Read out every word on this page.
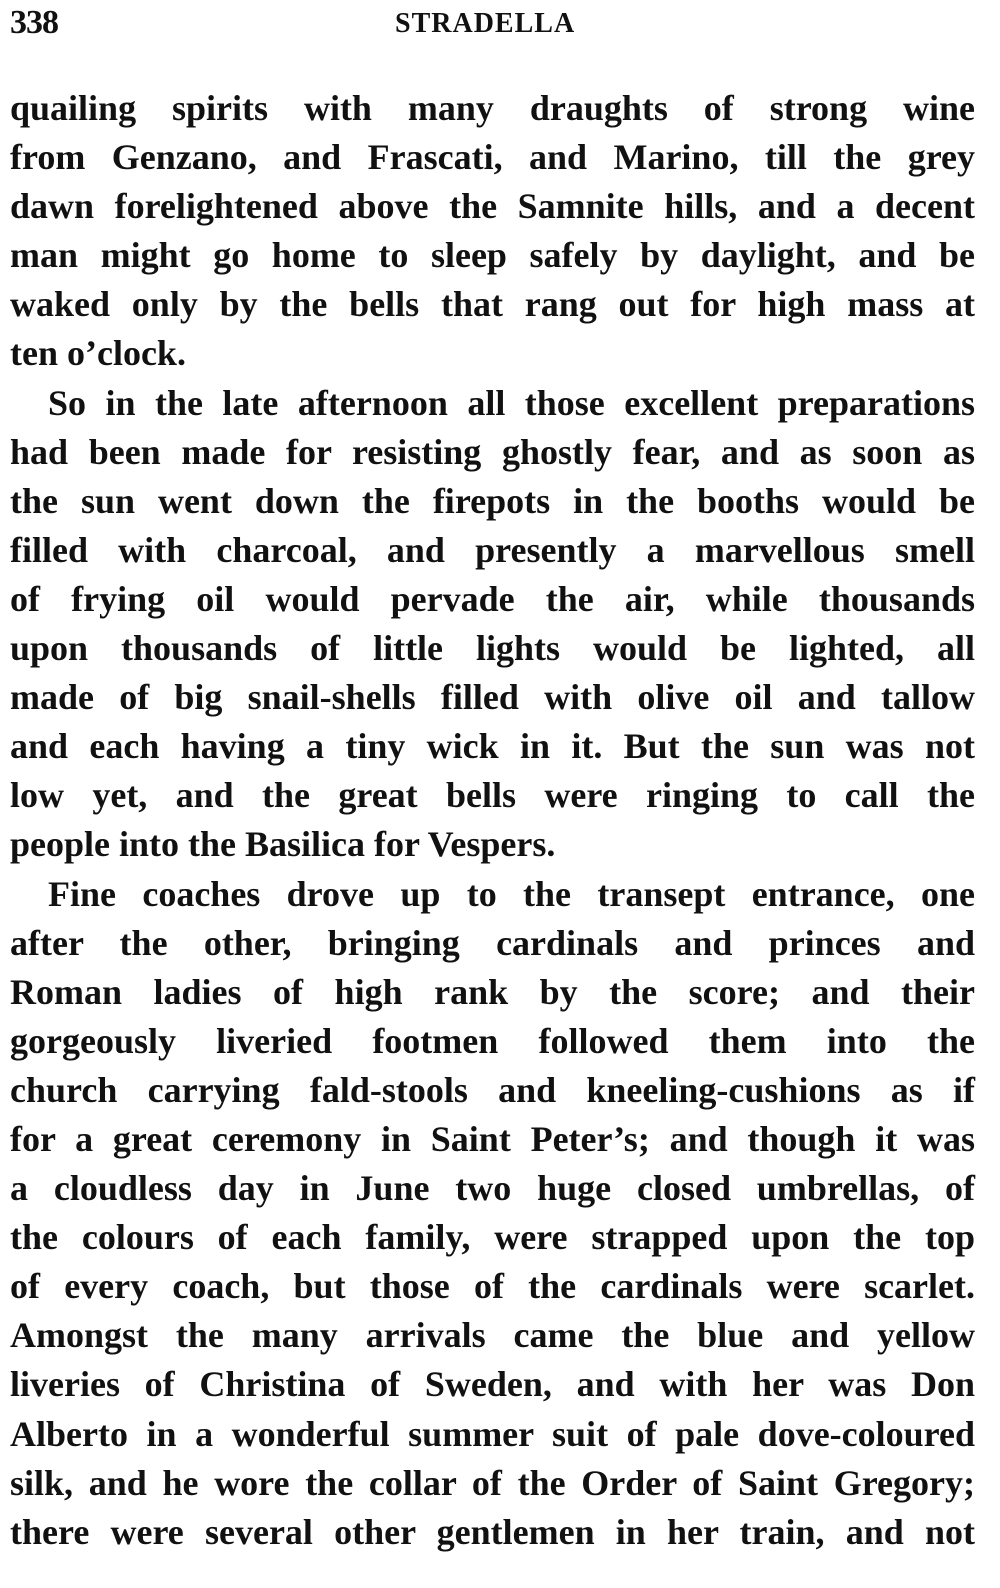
338	STRADELLA
quailing spirits with many draughts of strong wine
from Genzano, and Frascati, and Marino, till the grey
dawn forelightened above the Samnite hills, and a decent
man might go home to sleep safely by daylight, and be
waked only by the bells that rang out for high mass at
ten o’clock.
So in the late afternoon all those excellent preparations
had been made for resisting ghostly fear, and as soon as
the sun went down the firepots in the booths would be
filled with charcoal, and presently a marvellous smell
of frying oil would pervade the air, while thousands
upon thousands of little lights would be lighted, all
made of big snail-shells filled with olive oil and tallow
and each having a tiny wick in it. But the sun was not
low yet, and the great bells were ringing to call the
people into the Basilica for Vespers.
Fine coaches drove up to the transept entrance, one
after the other, bringing cardinals and princes and
Roman ladies of high rank by the score; and their
gorgeously liveried footmen followed them into the
church carrying fald-stools and kneeling-cushions as if
for a great ceremony in Saint Peter’s; and though it was
a cloudless day in June two huge closed umbrellas, of
the colours of each family, were strapped upon the top
of every coach, but those of the cardinals were scarlet.
Amongst the many arrivals came the blue and yellow
liveries of Christina of Sweden, and with her was Don
Alberto in a wonderful summer suit of pale dove-coloured
silk, and he wore the collar of the Order of Saint Gregory;
there were several other gentlemen in her train, and not
